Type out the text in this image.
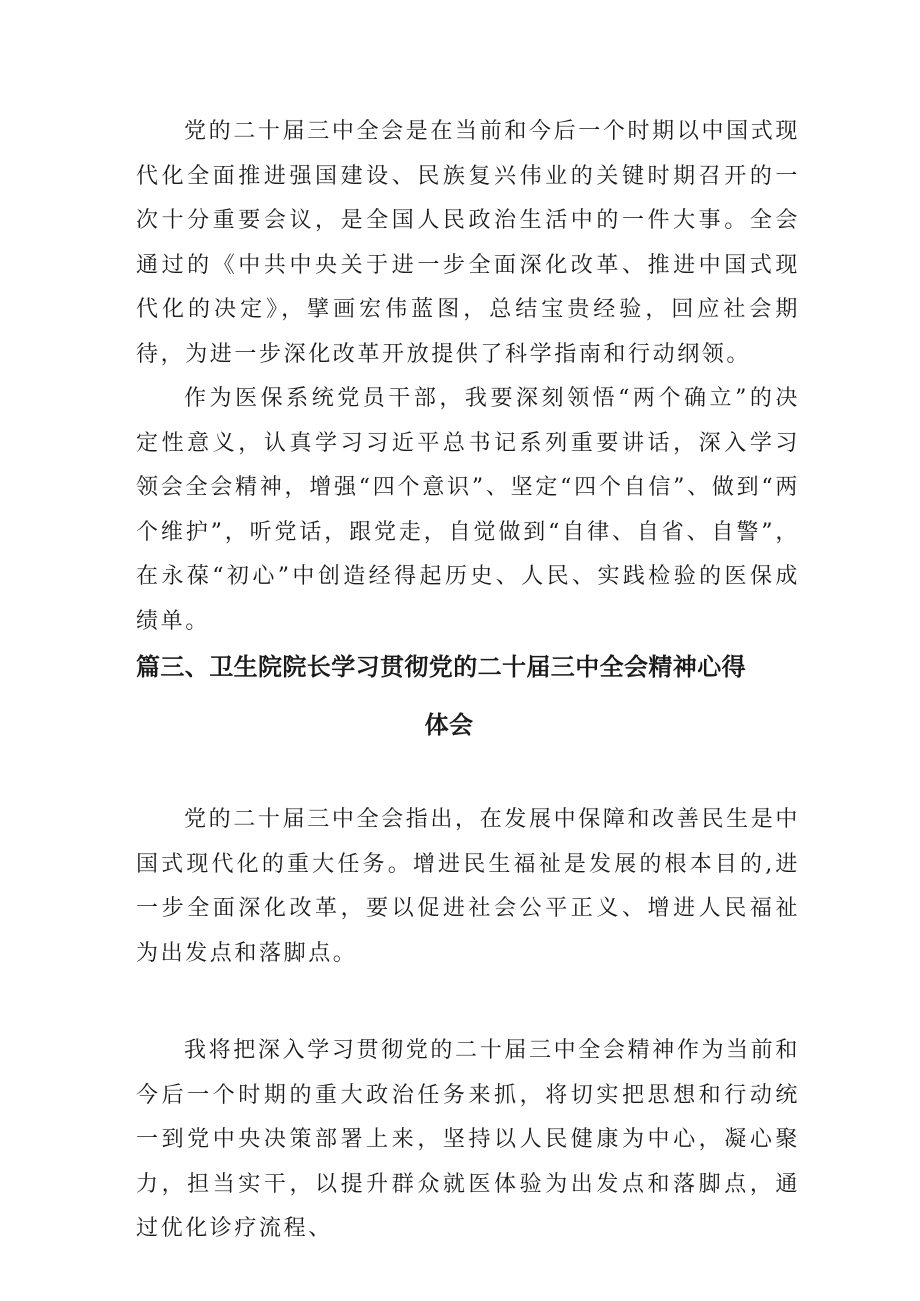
党的二十届三中全会是在当前和今后一个时期以中国式现代化全面推进强国建设、民族复兴伟业的关键时期召开的一次十分重要会议，是全国人民政治生活中的一件大事。全会通过的《中共中央关于进一步全面深化改革、推进中国式现代化的决定》，擘画宏伟蓝图，总结宝贵经验，回应社会期待，为进一步深化改革开放提供了科学指南和行动纲领。

作为医保系统党员干部，我要深刻领悟“两个确立”的决定性意义，认真学习习近平总书记系列重要讲话，深入学习领会全会精神，增强“四个意识”、坚定“四个自信”、做到“两个维护”，听党话，跟党走，自觉做到“自律、自省、自警”，在永葆“初心”中创造经得起历史、人民、实践检验的医保成绩单。

篇三、卫生院院长学习贯彻党的二十届三中全会精神心得
体会

党的二十届三中全会指出，在发展中保障和改善民生是中国式现代化的重大任务。增进民生福祉是发展的根本目的,进一步全面深化改革，要以促进社会公平正义、增进人民福祉为出发点和落脚点。

我将把深入学习贯彻党的二十届三中全会精神作为当前和今后一个时期的重大政治任务来抓，将切实把思想和行动统一到党中央决策部署上来，坚持以人民健康为中心，凝心聚力，担当实干，以提升群众就医体验为出发点和落脚点，通过优化诊疗流程、
